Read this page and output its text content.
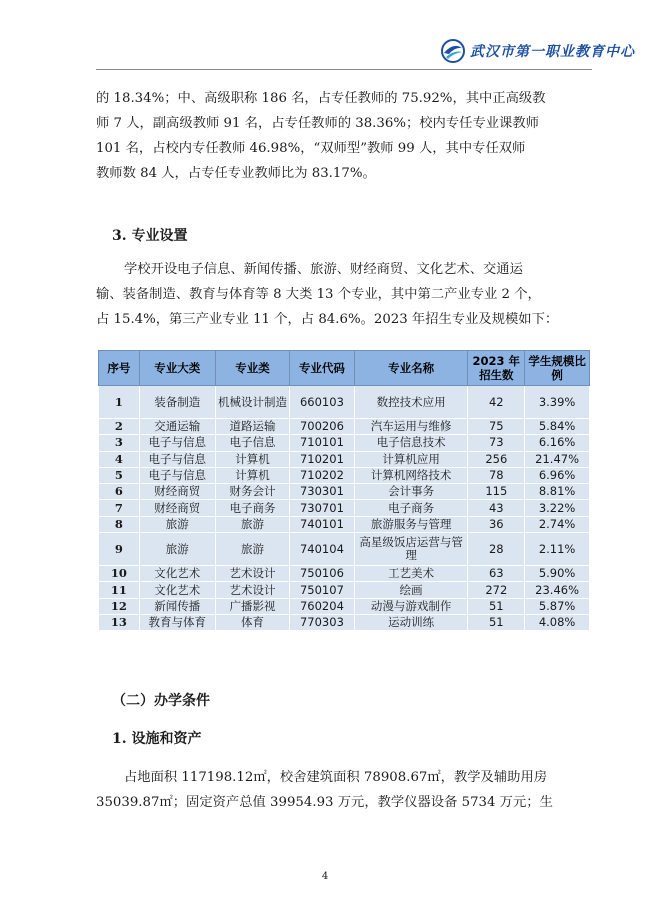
武汉市第一职业教育中心
的 18.34%；中、高级职称 186 名，占专任教师的 75.92%，其中正高级教
师 7 人，副高级教师 91 名，占专任教师的 38.36%；校内专任专业课教师
101 名，占校内专任教师 46.98%，“双师型”教师 99 人，其中专任双师
教师数 84 人，占专任专业教师比为 83.17%。
3. 专业设置
学校开设电子信息、新闻传播、旅游、财经商贸、文化艺术、交通运
输、装备制造、教育与体育等 8 大类 13 个专业，其中第二产业专业 2 个，
占 15.4%，第三产业专业 11 个，占 84.6%。2023 年招生专业及规模如下：
序号	专业大类	专业类	专业代码	专业名称	2023 年招生数	学生规模比例
1	装备制造	机械设计制造	660103	数控技术应用	42	3.39%
2	交通运输	道路运输	700206	汽车运用与维修	75	5.84%
3	电子与信息	电子信息	710101	电子信息技术	73	6.16%
4	电子与信息	计算机	710201	计算机应用	256	21.47%
5	电子与信息	计算机	710202	计算机网络技术	78	6.96%
6	财经商贸	财务会计	730301	会计事务	115	8.81%
7	财经商贸	电子商务	730701	电子商务	43	3.22%
8	旅游	旅游	740101	旅游服务与管理	36	2.74%
9	旅游	旅游	740104	高星级饭店运营与管理	28	2.11%
10	文化艺术	艺术设计	750106	工艺美术	63	5.90%
11	文化艺术	艺术设计	750107	绘画	272	23.46%
12	新闻传播	广播影视	760204	动漫与游戏制作	51	5.87%
13	教育与体育	体育	770303	运动训练	51	4.08%
（二）办学条件
1. 设施和资产
占地面积 117198.12㎡，校舍建筑面积 78908.67㎡，教学及辅助用房
35039.87㎡；固定资产总值 39954.93 万元，教学仪器设备 5734 万元；生
4
